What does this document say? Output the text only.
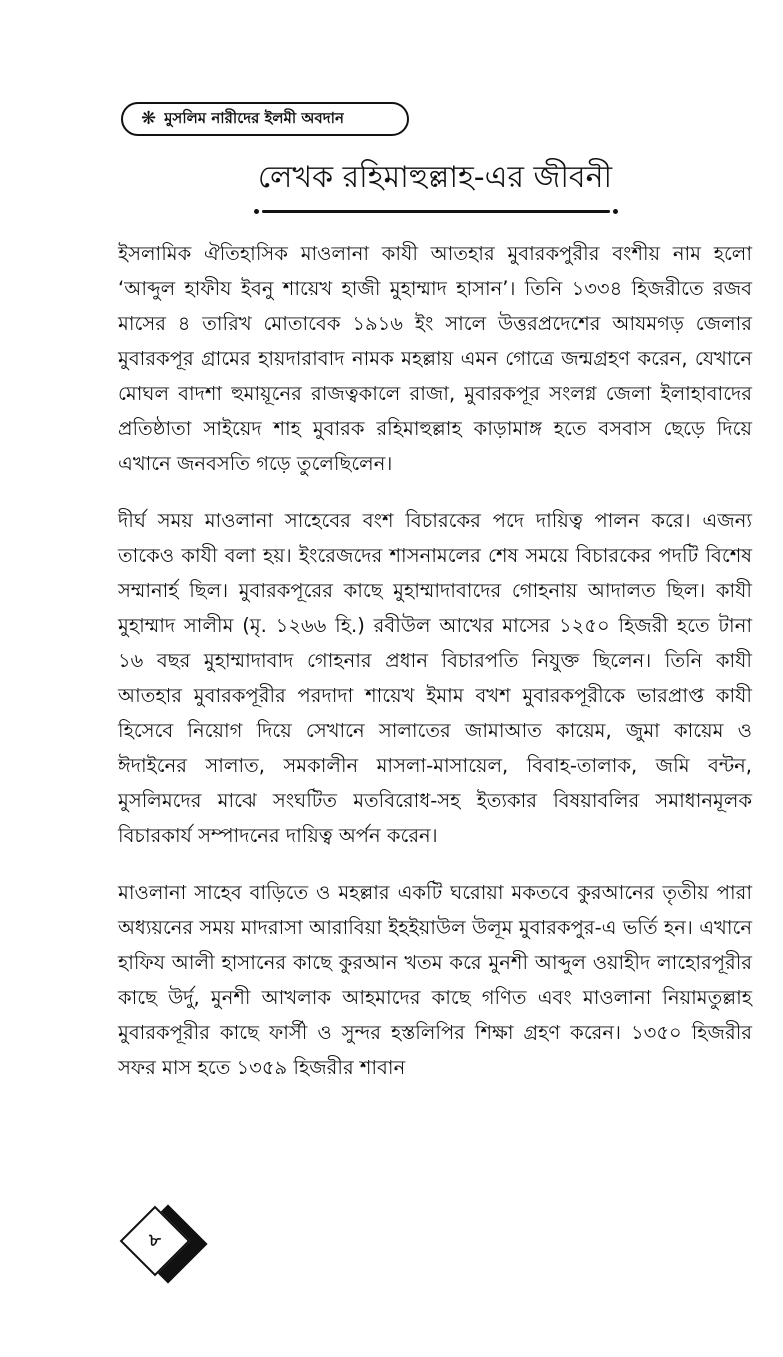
❋ মুসলিম নারীদের ইলমী অবদান
লেখক রহিমাহুল্লাহ-এর জীবনী

ইসলামিক ঐতিহাসিক মাওলানা কাযী আতহার মুবারকপুরীর বংশীয় নাম হলো ‘আব্দুল হাফীয ইবনু শায়েখ হাজী মুহাম্মাদ হাসান’। তিনি ১৩৩৪ হিজরীতে রজব মাসের ৪ তারিখ মোতাবেক ১৯১৬ ইং সালে উত্তরপ্রদেশের আযমগড় জেলার মুবারকপূর গ্রামের হায়দারাবাদ নামক মহল্লায় এমন গোত্রে জন্মগ্রহণ করেন, যেখানে মোঘল বাদশা হুমায়ূনের রাজত্বকালে রাজা, মুবারকপূর সংলগ্ন জেলা ইলাহাবাদের প্রতিষ্ঠাতা সাইয়েদ শাহ মুবারক রহিমাহুল্লাহ কাড়ামাঙ্গ হতে বসবাস ছেড়ে দিয়ে এখানে জনবসতি গড়ে তুলেছিলেন।

দীর্ঘ সময় মাওলানা সাহেবের বংশ বিচারকের পদে দায়িত্ব পালন করে। এজন্য তাকেও কাযী বলা হয়। ইংরেজদের শাসনামলের শেষ সময়ে বিচারকের পদটি বিশেষ সম্মানার্হ ছিল। মুবারকপূরের কাছে মুহাম্মাদাবাদের গোহনায় আদালত ছিল। কাযী মুহাম্মাদ সালীম (মৃ. ১২৬৬ হি.) রবীউল আখের মাসের ১২৫০ হিজরী হতে টানা ১৬ বছর মুহাম্মাদাবাদ গোহনার প্রধান বিচারপতি নিযুক্ত ছিলেন। তিনি কাযী আতহার মুবারকপূরীর পরদাদা শায়েখ ইমাম বখশ মুবারকপূরীকে ভারপ্রাপ্ত কাযী হিসেবে নিয়োগ দিয়ে সেখানে সালাতের জামাআত কায়েম, জুমা কায়েম ও ঈদাইনের সালাত, সমকালীন মাসলা-মাসায়েল, বিবাহ-তালাক, জমি বন্টন, মুসলিমদের মাঝে সংঘটিত মতবিরোধ-সহ ইত্যকার বিষয়াবলির সমাধানমূলক বিচারকার্য সম্পাদনের দায়িত্ব অর্পন করেন।

মাওলানা সাহেব বাড়িতে ও মহল্লার একটি ঘরোয়া মকতবে কুরআনের তৃতীয় পারা অধ্যয়নের সময় মাদরাসা আরাবিয়া ইহইয়াউল উলূম মুবারকপুর-এ ভর্তি হন। এখানে হাফিয আলী হাসানের কাছে কুরআন খতম করে মুনশী আব্দুল ওয়াহীদ লাহোরপূরীর কাছে উর্দু, মুনশী আখলাক আহমাদের কাছে গণিত এবং মাওলানা নিয়ামতুল্লাহ মুবারকপূরীর কাছে ফার্সী ও সুন্দর হস্তলিপির শিক্ষা গ্রহণ করেন। ১৩৫০ হিজরীর সফর মাস হতে ১৩৫৯ হিজরীর শাবান

৮
